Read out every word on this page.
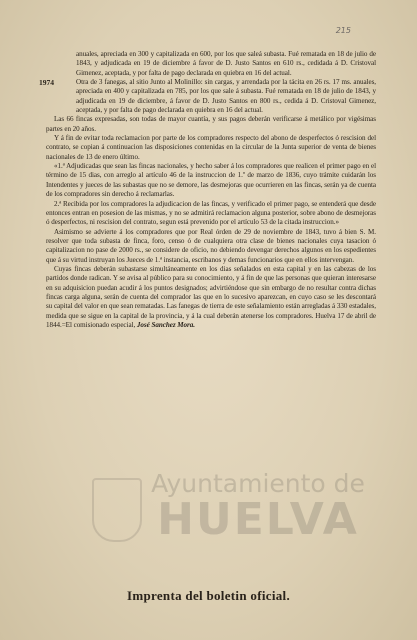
215

anuales, apreciada en 300 y capitalizada en 600, por los que saleá subasta. Fué rematada en 18 de julio de 1843, y adjudicada en 19 de diciembre á favor de D. Justo Santos en 610 rs., cedidada á D. Cristoval Gimenez, aceptada, y por falta de pago declarada en quiebra en 16 del actual.

1974	Otra de 3 fanegas, al sitio Junto al Molinillo: sin cargas, y arrendada por la tácita en 26 rs. 17 ms. anuales, apreciada en 400 y capitalizada en 785, por los que sale á subasta. Fué rematada en 18 de julio de 1843, y adjudicada en 19 de diciembre, á favor de D. Justo Santos en 800 rs., cedida á D. Cristoval Gimenez, aceptada, y por falta de pago declarada en quiebra en 16 del actual.

Las 66 fincas expresadas, son todas de mayor cuantía, y sus pagos deberán verificarse á metálico por vigésimas partes en 20 años.

Y á fin de evitar toda reclamacion por parte de los compradores respecto del abono de desperfectos ó rescision del contrato, se copian á continuacion las disposiciones contenidas en la circular de la Junta superior de venta de bienes nacionales de 13 de enero último.

«1.ª Adjudicadas que sean las fincas nacionales, y hecho saber á los compradores que realicen el primer pago en el término de 15 dias, con arreglo al artículo 46 de la instruccion de 1.º de marzo de 1836, cuyo trámite cuidarán los Intendentes y jueces de las subastas que no se demore, las desmejoras que ocurrieren en las fincas, serán ya de cuenta de los compradores sin derecho á reclamarlas.

2.ª Recibida por los compradores la adjudicacion de las fincas, y verificado el primer pago, se entenderá que desde entonces entran en posesion de las mismas, y no se admitirá reclamacion alguna posterior, sobre abono de desmejoras ó desperfectos, ni rescision del contrato, segun está prevenido por el artículo 53 de la citada instruccion.»

Asimismo se advierte á los compradores que por Real órden de 29 de noviembre de 1843, tuvo á bien S. M. resolver que toda subasta de finca, foro, censo ó de cualquiera otra clase de bienes nacionales cuya tasacion ó capitalizacion no pase de 2000 rs., se considere de oficio, no debiendo devengar derechos algunos en los espedientes que á su virtud instruyan los Jueces de 1.ª instancia, escribanos y demas funcionarios que en ellos intervengan.

Cuyas fincas deberán subastarse simultáneamente en los dias señalados en esta capital y en las cabezas de los partidos donde radican. Y se avisa al público para su conocimiento, y á fin de que las personas que quieran interesarse en su adquisicion puedan acudir á los puntos designados; advirtiéndose que sin embargo de no resultar contra dichas fincas carga alguna, serán de cuenta del comprador las que en lo sucesivo aparezcan, en cuyo caso se les descontará su capital del valor en que sean rematadas. Las fanegas de tierra de este señalamiento están arregladas á 330 estadales, medida que se sigue en la capital de la provincia, y á la cual deberán atenerse los compradores. Huelva 17 de abril de 1844.=El comisionado especial, José Sanchez Mora.

Ayuntamiento de
HUELVA
Imprenta del boletin oficial.
